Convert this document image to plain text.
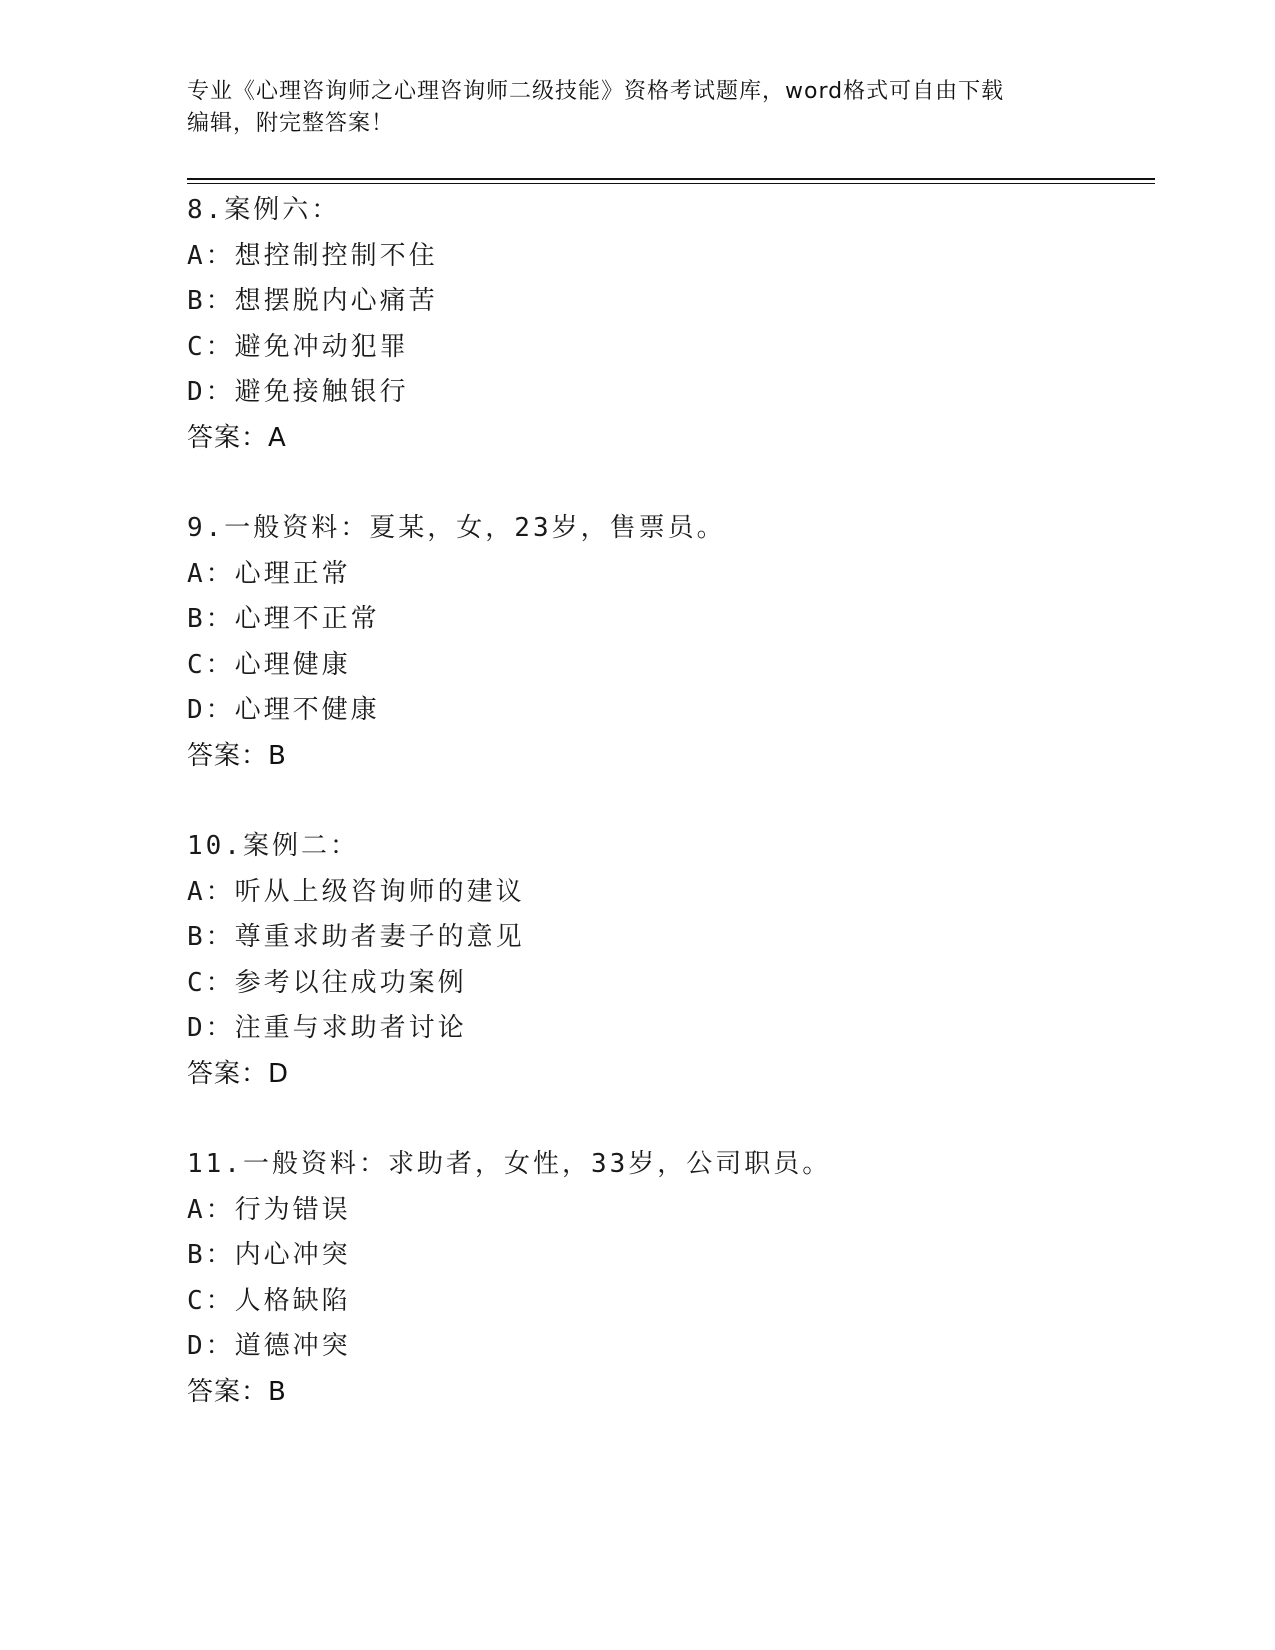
专业《心理咨询师之心理咨询师二级技能》资格考试题库，word格式可自由下载
编辑，附完整答案！
8.案例六：
A：想控制控制不住
B：想摆脱内心痛苦
C：避免冲动犯罪
D：避免接触银行
答案：A
9.一般资料：夏某，女，23岁，售票员。
A：心理正常
B：心理不正常
C：心理健康
D：心理不健康
答案：B
10.案例二：
A：听从上级咨询师的建议
B：尊重求助者妻子的意见
C：参考以往成功案例
D：注重与求助者讨论
答案：D
11.一般资料：求助者，女性，33岁，公司职员。
A：行为错误
B：内心冲突
C：人格缺陷
D：道德冲突
答案：B
